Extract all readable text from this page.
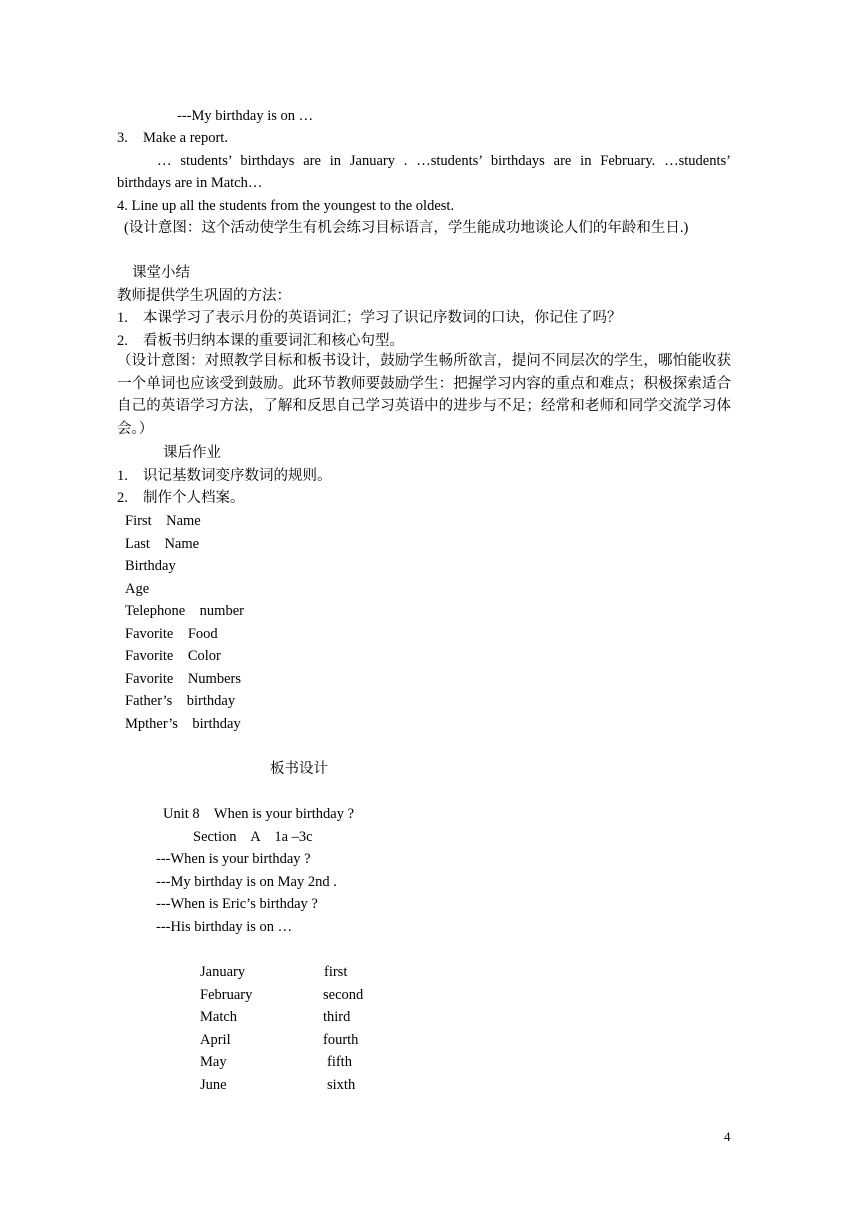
---My birthday is on …
3. Make a report.
… students’ birthdays are in January . …students’ birthdays are in February. …students’
birthdays are in Match…
4. Line up all the students from the youngest to the oldest.
(设计意图：这个活动使学生有机会练习目标语言，学生能成功地谈论人们的年龄和生日.)
课堂小结
教师提供学生巩固的方法：
1. 本课学习了表示月份的英语词汇；学习了识记序数词的口诀，你记住了吗？
2. 看板书归纳本课的重要词汇和核心句型。
（设计意图：对照教学目标和板书设计，鼓励学生畅所欲言，提问不同层次的学生，哪怕能收获一个单词也应该受到鼓励。此环节教师要鼓励学生：把握学习内容的重点和难点；积极探索适合自己的英语学习方法，了解和反思自己学习英语中的进步与不足；经常和老师和同学交流学习体会。）
课后作业
1. 识记基数词变序数词的规则。
2. 制作个人档案。
First    Name
Last    Name
Birthday
Age
Telephone    number
Favorite    Food
Favorite    Color
Favorite    Numbers
Father’s    birthday
Mpther’s    birthday
板书设计
Unit 8    When is your birthday ?
Section    A    1a –3c
---When is your birthday ?
---My birthday is on May 2nd .
---When is Eric’s birthday ?
---His birthday is on …
January	first
February	second
Match	third
April	fourth
May	fifth
June	sixth
4
